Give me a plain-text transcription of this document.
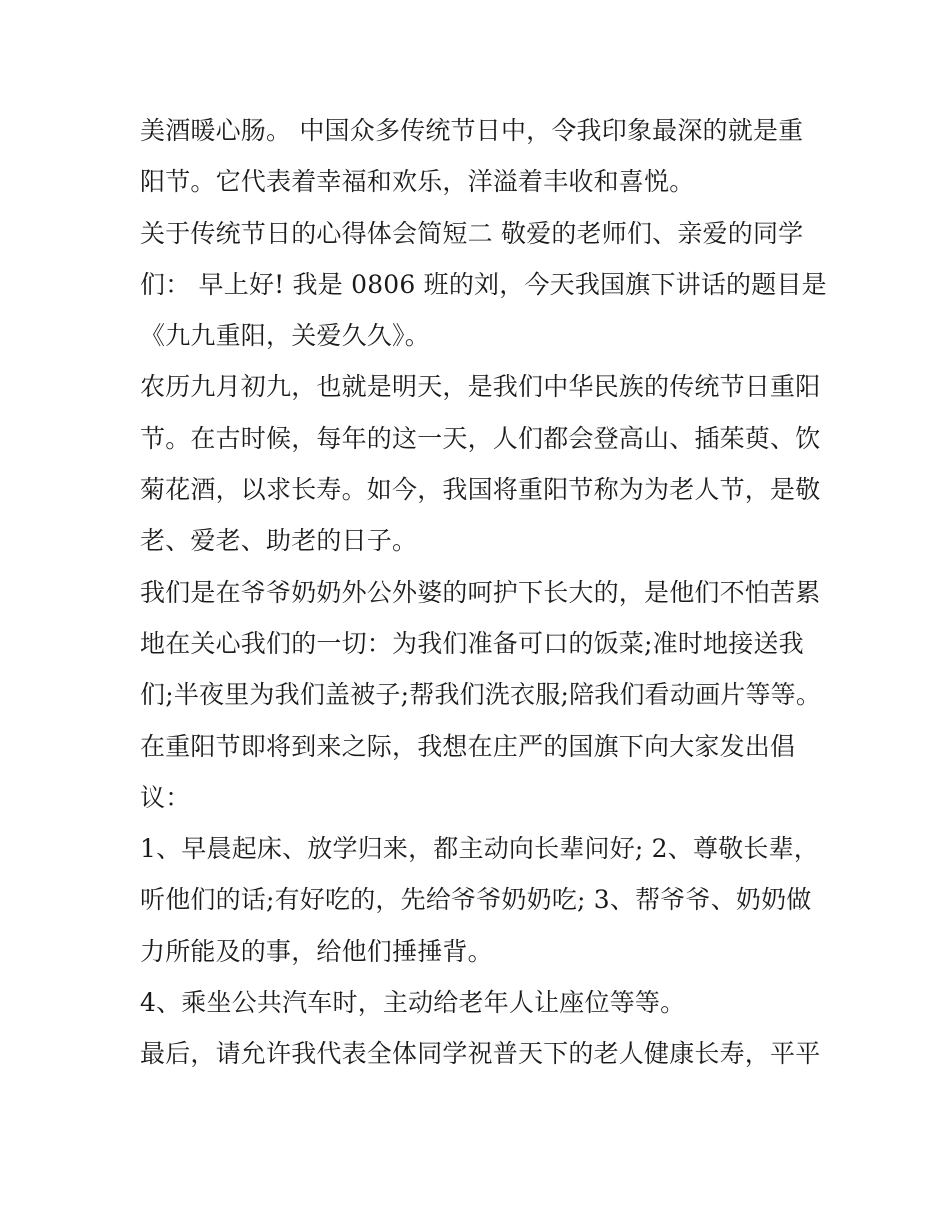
美酒暖心肠。 中国众多传统节日中，令我印象最深的就是重
阳节。它代表着幸福和欢乐，洋溢着丰收和喜悦。
关于传统节日的心得体会简短二 敬爱的老师们、亲爱的同学
们： 早上好! 我是 0806 班的刘，今天我国旗下讲话的题目是
《九九重阳，关爱久久》。
农历九月初九，也就是明天，是我们中华民族的传统节日重阳
节。在古时候，每年的这一天，人们都会登高山、插茱萸、饮
菊花酒，以求长寿。如今，我国将重阳节称为为老人节，是敬
老、爱老、助老的日子。
我们是在爷爷奶奶外公外婆的呵护下长大的，是他们不怕苦累
地在关心我们的一切：为我们准备可口的饭菜;准时地接送我
们;半夜里为我们盖被子;帮我们洗衣服;陪我们看动画片等等。
在重阳节即将到来之际，我想在庄严的国旗下向大家发出倡
议：
1、早晨起床、放学归来，都主动向长辈问好; 2、尊敬长辈，
听他们的话;有好吃的，先给爷爷奶奶吃; 3、帮爷爷、奶奶做
力所能及的事，给他们捶捶背。
4、乘坐公共汽车时，主动给老年人让座位等等。
最后，请允许我代表全体同学祝普天下的老人健康长寿，平平
